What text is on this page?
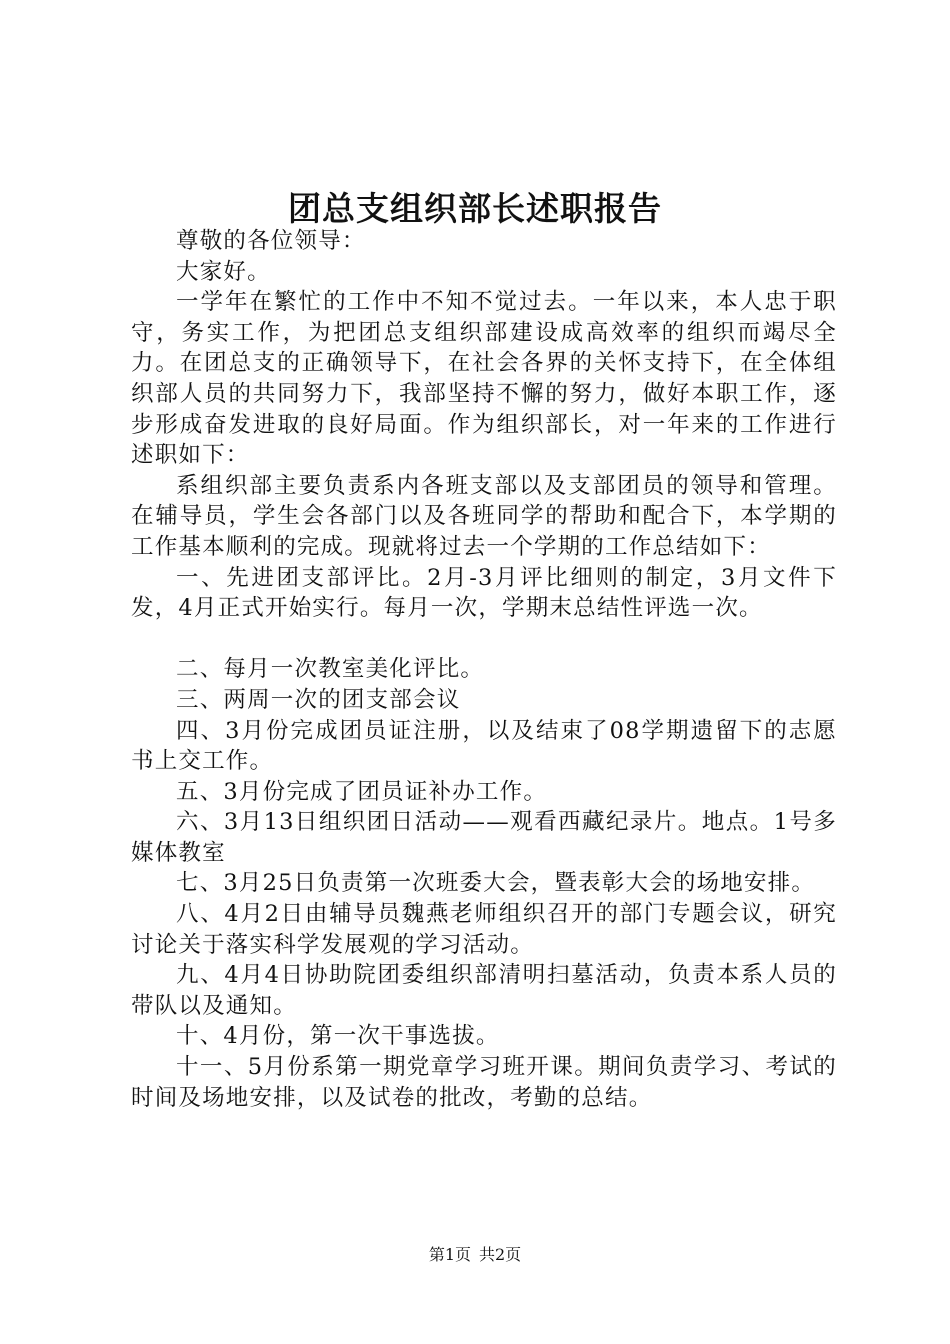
团总支组织部长述职报告

尊敬的各位领导：

大家好。

一学年在繁忙的工作中不知不觉过去。一年以来，本人忠于职守，务实工作，为把团总支组织部建设成高效率的组织而竭尽全力。在团总支的正确领导下，在社会各界的关怀支持下，在全体组织部人员的共同努力下，我部坚持不懈的努力，做好本职工作，逐步形成奋发进取的良好局面。作为组织部长，对一年来的工作进行述职如下：

系组织部主要负责系内各班支部以及支部团员的领导和管理。在辅导员，学生会各部门以及各班同学的帮助和配合下，本学期的工作基本顺利的完成。现就将过去一个学期的工作总结如下：

一、先进团支部评比。2月-3月评比细则的制定，3月文件下发，4月正式开始实行。每月一次，学期末总结性评选一次。

二、每月一次教室美化评比。

三、两周一次的团支部会议

四、3月份完成团员证注册，以及结束了08学期遗留下的志愿书上交工作。

五、3月份完成了团员证补办工作。

六、3月13日组织团日活动——观看西藏纪录片。地点。1号多媒体教室

七、3月25日负责第一次班委大会，暨表彰大会的场地安排。

八、4月2日由辅导员魏燕老师组织召开的部门专题会议，研究讨论关于落实科学发展观的学习活动。

九、4月4日协助院团委组织部清明扫墓活动，负责本系人员的带队以及通知。

十、4月份，第一次干事选拔。

十一、5月份系第一期党章学习班开课。期间负责学习、考试的时间及场地安排，以及试卷的批改，考勤的总结。

第1页 共2页
